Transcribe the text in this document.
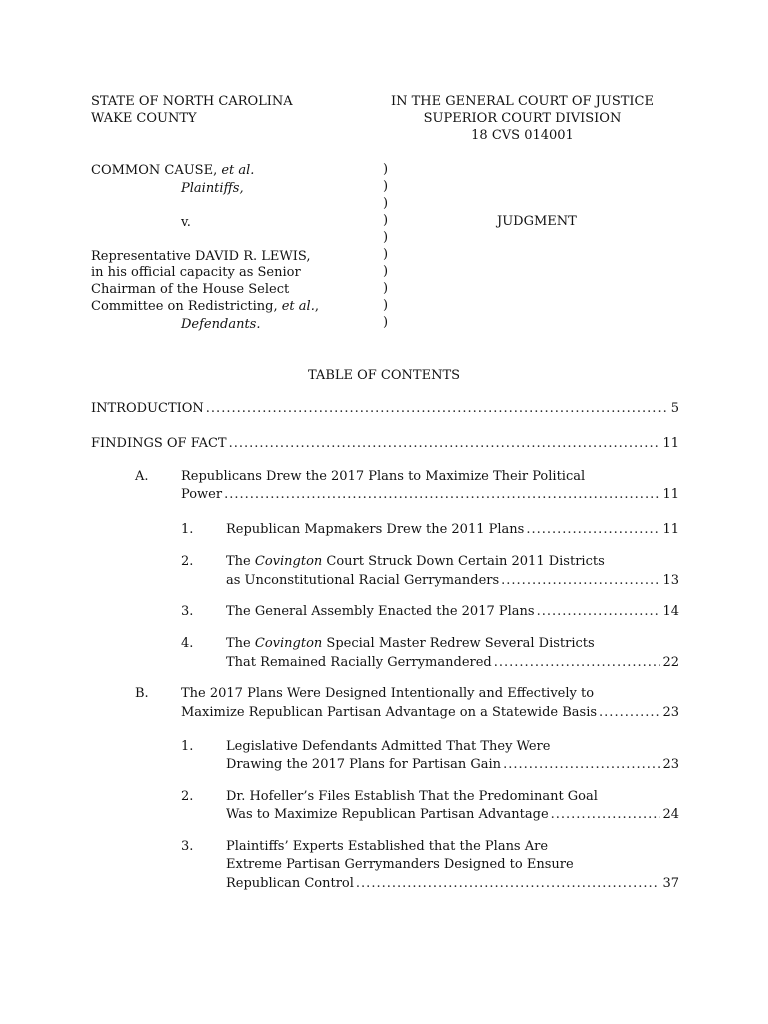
STATE OF NORTH CAROLINA
WAKE COUNTY
IN THE GENERAL COURT OF JUSTICE
SUPERIOR COURT DIVISION
18 CVS 014001
COMMON CAUSE, et al.
Plaintiffs,
v.
Representative DAVID R. LEWIS,
in his official capacity as Senior
Chairman of the House Select
Committee on Redistricting, et al.,
Defendants.
)
)
)
)
)
)
)
)
)
)
JUDGMENT
TABLE OF CONTENTS
INTRODUCTION .....	5
FINDINGS OF FACT .....	11
A. Republicans Drew the 2017 Plans to Maximize Their Political
Power .....	11
1.	Republican Mapmakers Drew the 2011 Plans .....	11
2.	The Covington Court Struck Down Certain 2011 Districts
as Unconstitutional Racial Gerrymanders .....	13
3.	The General Assembly Enacted the 2017 Plans .....	14
4.	The Covington Special Master Redrew Several Districts
That Remained Racially Gerrymandered .....	22
B. The 2017 Plans Were Designed Intentionally and Effectively to
Maximize Republican Partisan Advantage on a Statewide Basis .....	23
1.	Legislative Defendants Admitted That They Were
Drawing the 2017 Plans for Partisan Gain .....	23
2.	Dr. Hofeller’s Files Establish That the Predominant Goal
Was to Maximize Republican Partisan Advantage .....	24
3.	Plaintiffs’ Experts Established that the Plans Are
Extreme Partisan Gerrymanders Designed to Ensure
Republican Control .....	37
